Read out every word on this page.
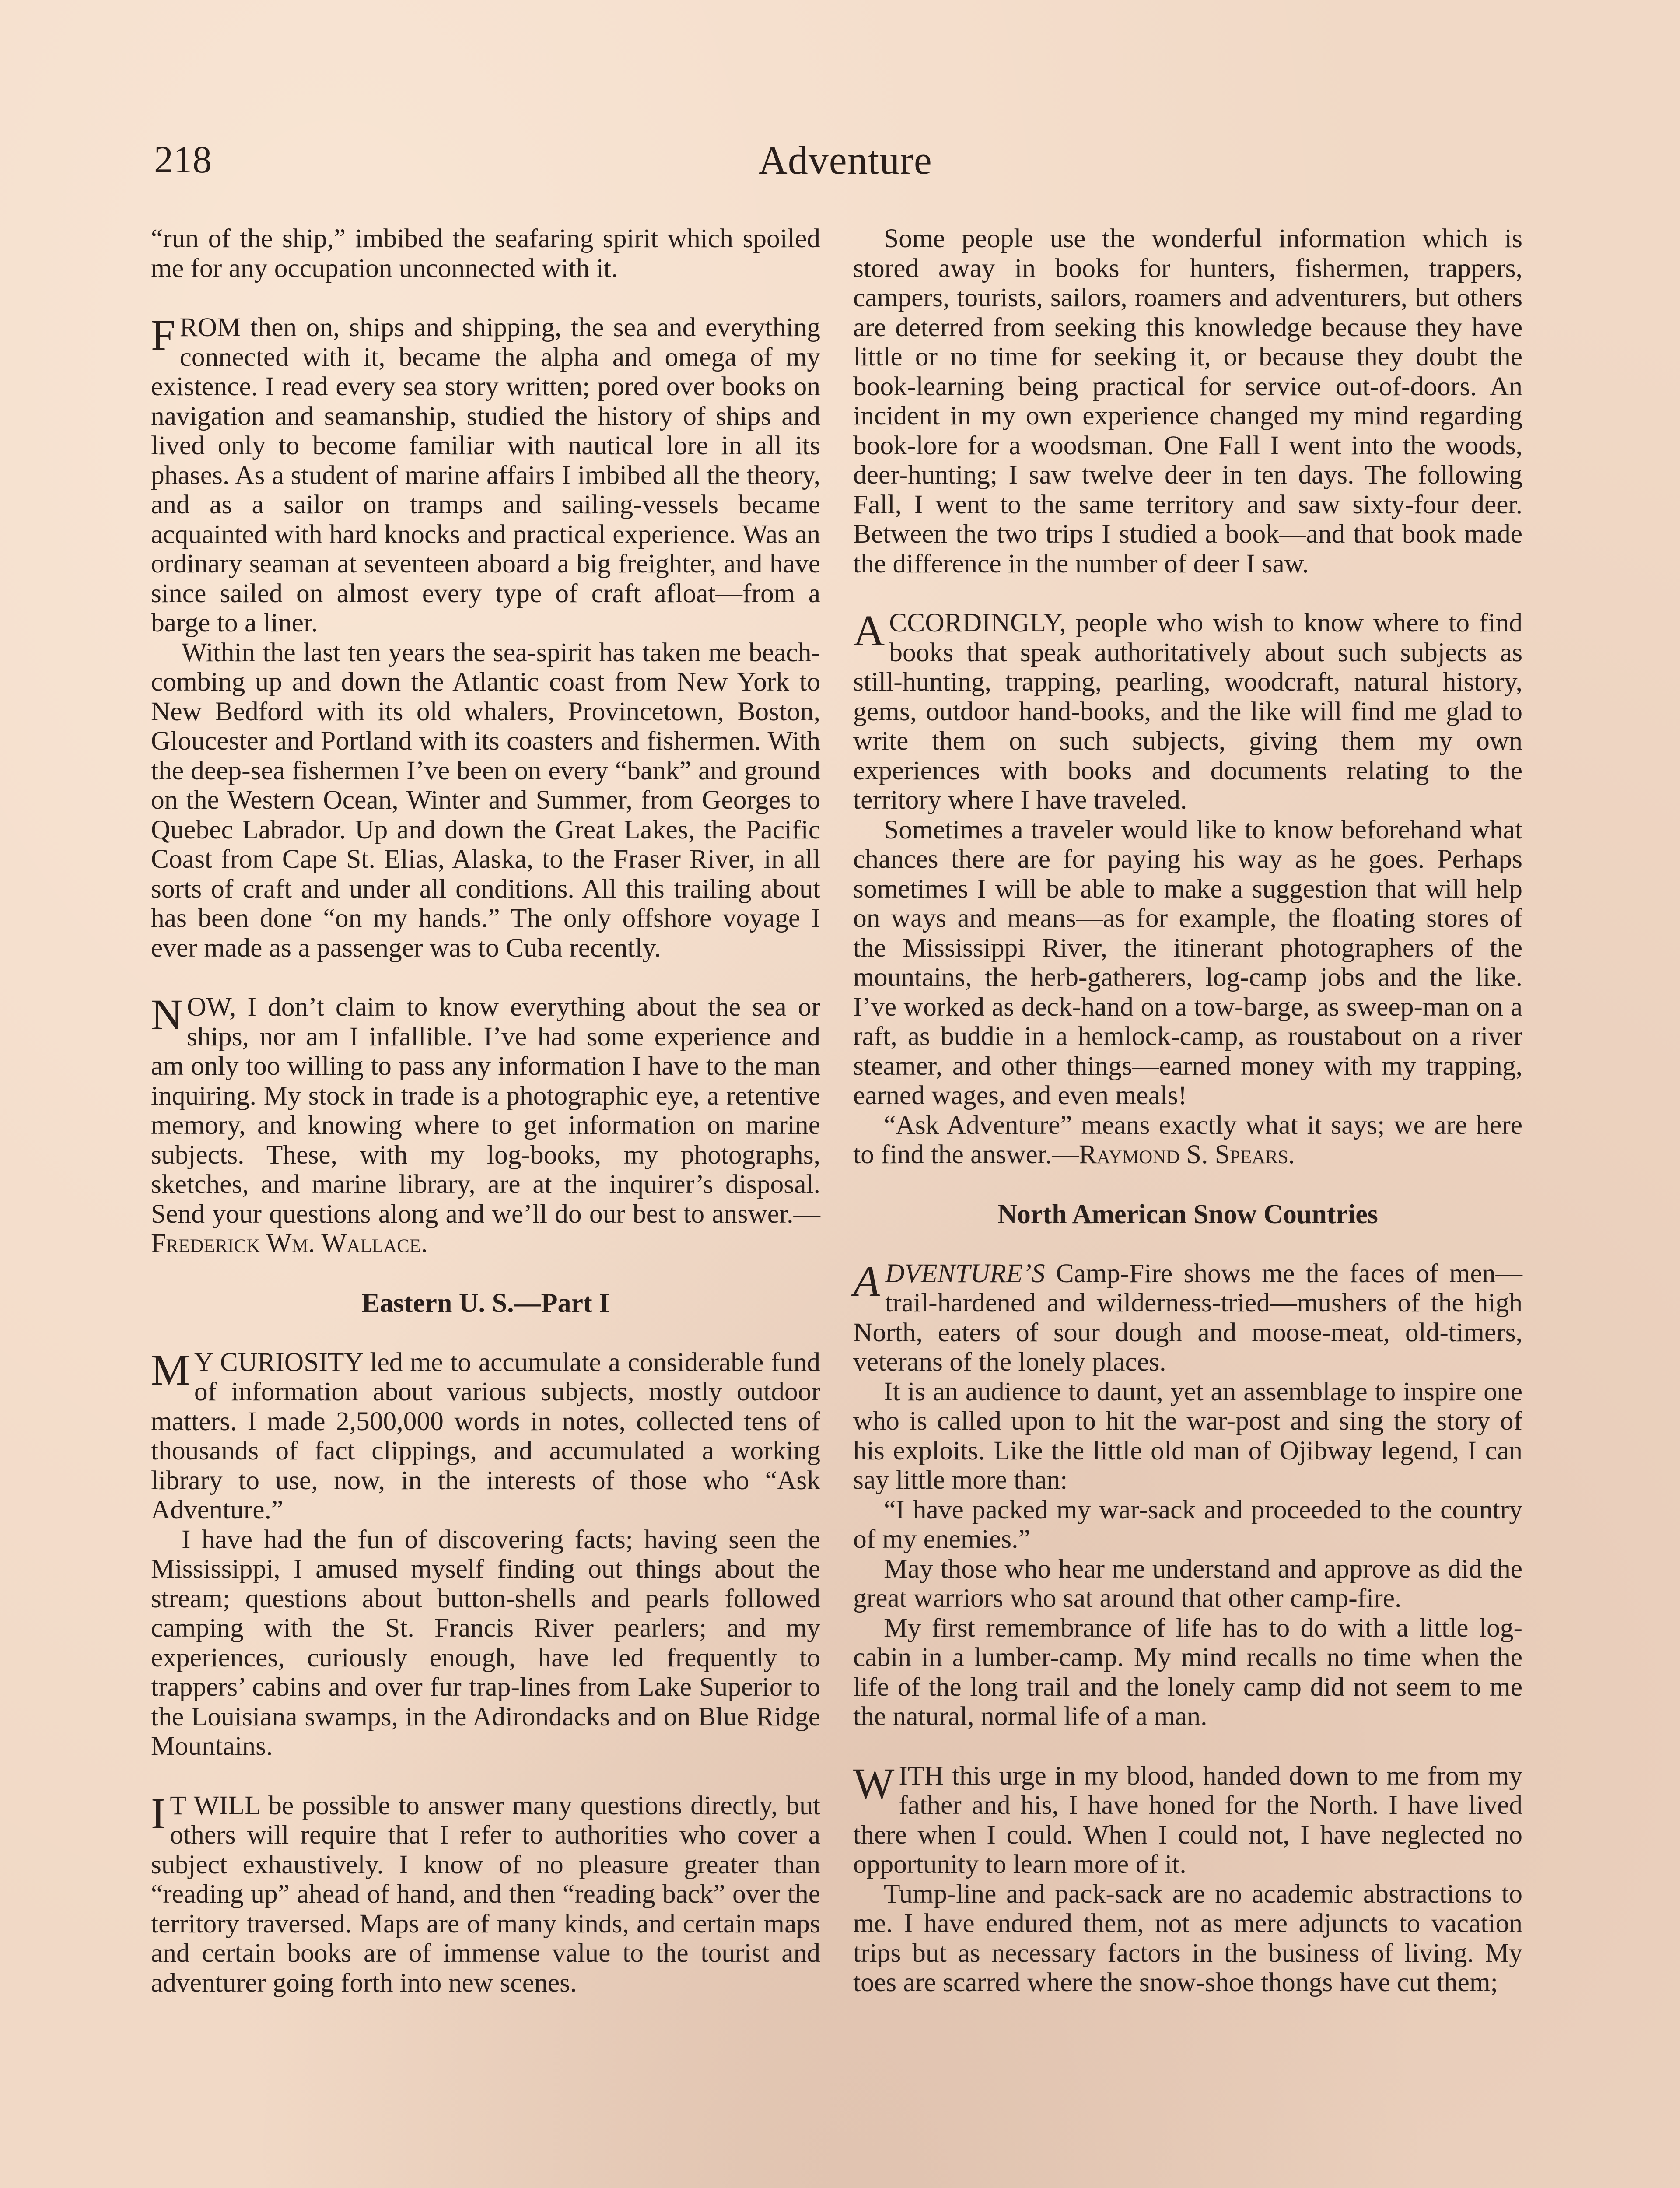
218	Adventure

“run of the ship,” imbibed the seafaring spirit which spoiled me for any occupation unconnected with it.

FROM then on, ships and shipping, the sea and everything connected with it, became the alpha and omega of my existence. I read every sea story written; pored over books on navigation and seamanship, studied the history of ships and lived only to become familiar with nautical lore in all its phases. As a student of marine affairs I imbibed all the theory, and as a sailor on tramps and sailing-vessels became acquainted with hard knocks and practical experience. Was an ordinary seaman at seventeen aboard a big freighter, and have since sailed on almost every type of craft afloat—from a barge to a liner.

Within the last ten years the sea-spirit has taken me beach-combing up and down the Atlantic coast from New York to New Bedford with its old whalers, Provincetown, Boston, Gloucester and Portland with its coasters and fishermen. With the deep-sea fishermen I’ve been on every “bank” and ground on the Western Ocean, Winter and Summer, from Georges to Quebec Labrador. Up and down the Great Lakes, the Pacific Coast from Cape St. Elias, Alaska, to the Fraser River, in all sorts of craft and under all conditions. All this trailing about has been done “on my hands.” The only offshore voyage I ever made as a passenger was to Cuba recently.

NOW, I don’t claim to know everything about the sea or ships, nor am I infallible. I’ve had some experience and am only too willing to pass any information I have to the man inquiring. My stock in trade is a photographic eye, a retentive memory, and knowing where to get information on marine subjects. These, with my log-books, my photographs, sketches, and marine library, are at the inquirer’s disposal. Send your questions along and we’ll do our best to answer.—Frederick Wm. Wallace.

Eastern U. S.—Part I

MY CURIOSITY led me to accumulate a considerable fund of information about various subjects, mostly outdoor matters. I made 2,500,000 words in notes, collected tens of thousands of fact clippings, and accumulated a working library to use, now, in the interests of those who “Ask Adventure.”

I have had the fun of discovering facts; having seen the Mississippi, I amused myself finding out things about the stream; questions about button-shells and pearls followed camping with the St. Francis River pearlers; and my experiences, curiously enough, have led frequently to trappers’ cabins and over fur trap-lines from Lake Superior to the Louisiana swamps, in the Adirondacks and on Blue Ridge Mountains.

IT WILL be possible to answer many questions directly, but others will require that I refer to authorities who cover a subject exhaustively. I know of no pleasure greater than “reading up” ahead of hand, and then “reading back” over the territory traversed. Maps are of many kinds, and certain maps and certain books are of immense value to the tourist and adventurer going forth into new scenes.

Some people use the wonderful information which is stored away in books for hunters, fishermen, trappers, campers, tourists, sailors, roamers and adventurers, but others are deterred from seeking this knowledge because they have little or no time for seeking it, or because they doubt the book-learning being practical for service out-of-doors. An incident in my own experience changed my mind regarding book-lore for a woodsman. One Fall I went into the woods, deer-hunting; I saw twelve deer in ten days. The following Fall, I went to the same territory and saw sixty-four deer. Between the two trips I studied a book—and that book made the difference in the number of deer I saw.

ACCORDINGLY, people who wish to know where to find books that speak authoritatively about such subjects as still-hunting, trapping, pearling, woodcraft, natural history, gems, outdoor hand-books, and the like will find me glad to write them on such subjects, giving them my own experiences with books and documents relating to the territory where I have traveled.

Sometimes a traveler would like to know beforehand what chances there are for paying his way as he goes. Perhaps sometimes I will be able to make a suggestion that will help on ways and means—as for example, the floating stores of the Mississippi River, the itinerant photographers of the mountains, the herb-gatherers, log-camp jobs and the like. I’ve worked as deck-hand on a tow-barge, as sweep-man on a raft, as buddie in a hemlock-camp, as roustabout on a river steamer, and other things—earned money with my trapping, earned wages, and even meals!

“Ask Adventure” means exactly what it says; we are here to find the answer.—Raymond S. Spears.

North American Snow Countries

ADVENTURE’S Camp-Fire shows me the faces of men—trail-hardened and wilderness-tried—mushers of the high North, eaters of sour dough and moose-meat, old-timers, veterans of the lonely places.

It is an audience to daunt, yet an assemblage to inspire one who is called upon to hit the war-post and sing the story of his exploits. Like the little old man of Ojibway legend, I can say little more than:

“I have packed my war-sack and proceeded to the country of my enemies.”

May those who hear me understand and approve as did the great warriors who sat around that other camp-fire.

My first remembrance of life has to do with a little log-cabin in a lumber-camp. My mind recalls no time when the life of the long trail and the lonely camp did not seem to me the natural, normal life of a man.

WITH this urge in my blood, handed down to me from my father and his, I have honed for the North. I have lived there when I could. When I could not, I have neglected no opportunity to learn more of it.

Tump-line and pack-sack are no academic abstractions to me. I have endured them, not as mere adjuncts to vacation trips but as necessary factors in the business of living. My toes are scarred where the snow-shoe thongs have cut them;
